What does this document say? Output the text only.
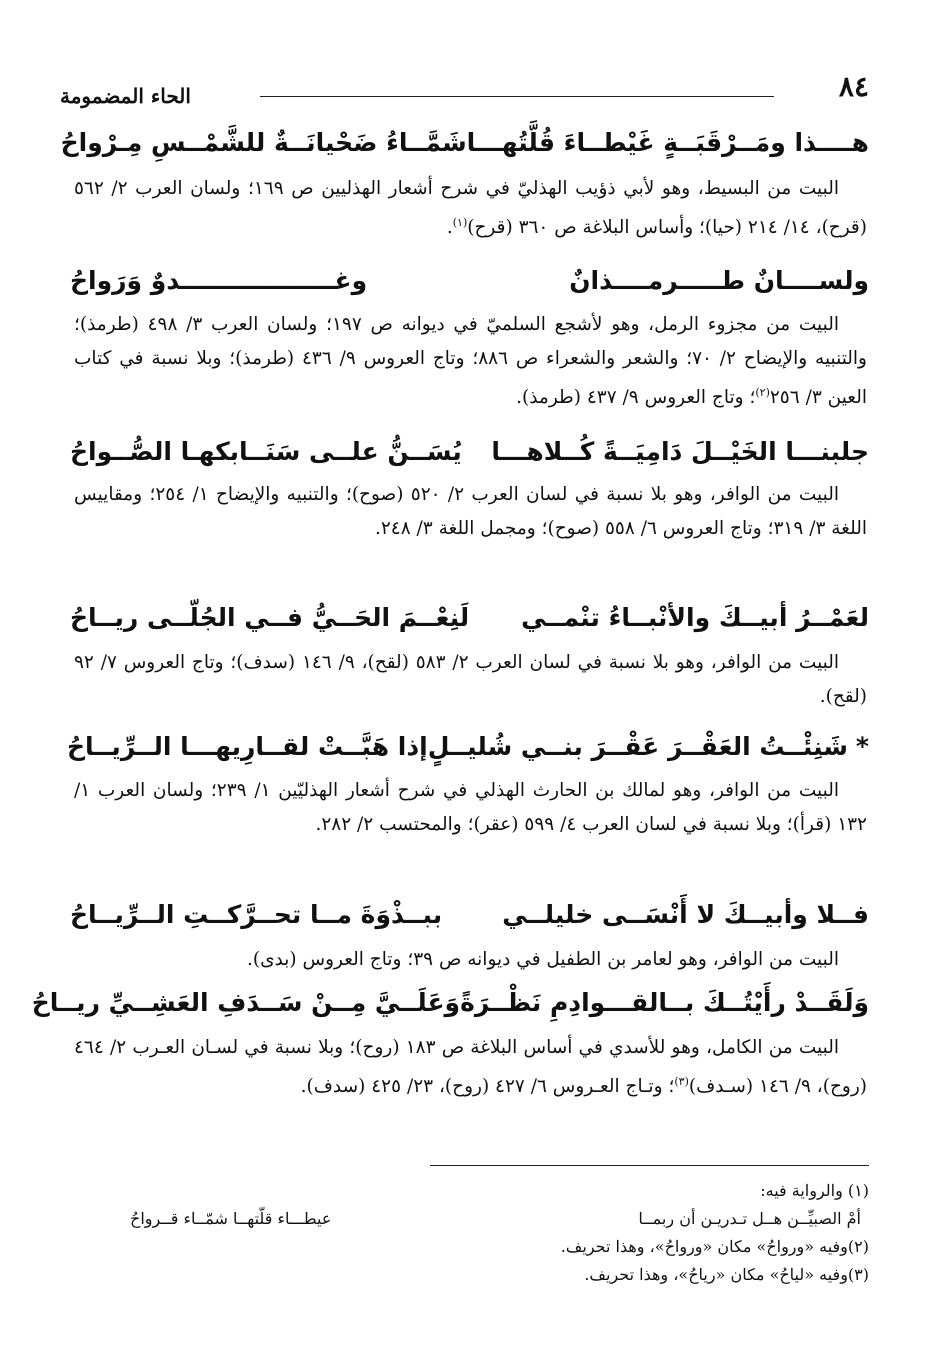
٨٤
الحاء المضمومة
هــــذا ومَــرْقَبَــةٍ غَيْطــاءَ قُلَّتُهـــا
شَمَّــاءُ ضَحْيانَــةٌ للشَّمْــسِ مِـرْواحُ

البيت من البسيط، وهو لأبي ذؤيب الهذليّ في شرح أشعار الهذليين ص ١٦٩؛ ولسان العرب ٢/ ٥٦٢ (قرح)، ١٤/ ٢١٤ (حيا)؛ وأساس البلاغة ص ٣٦٠ (قرح)$^{(١)}$.

ولســــانٌ طـــــرمــــذانٌ
وغــــــــــــــــــدوٌ وَرَواحُ

البيت من مجزوء الرمل، وهو لأشجع السلميّ في ديوانه ص ١٩٧؛ ولسان العرب ٣/ ٤٩٨ (طرمذ)؛ والتنبيه والإيضاح ٢/ ٧٠؛ والشعر والشعراء ص ٨٨٦؛ وتاج العروس ٩/ ٤٣٦ (طرمذ)؛ وبلا نسبة في كتاب العين ٣/ ٢٥٦$^{(٢)}$؛ وتاج العروس ٩/ ٤٣٧ (طرمذ).

جلبنـــا الخَيْــلَ دَامِيَــةً كُــلاهـــا
يُسَــنُّ علــى سَنَــابكهـا الصُّــواحُ

البيت من الوافر، وهو بلا نسبة في لسان العرب ٢/ ٥٢٠ (صوح)؛ والتنبيه والإيضاح ١/ ٢٥٤؛ ومقاييس اللغة ٣/ ٣١٩؛ وتاج العروس ٦/ ٥٥٨ (صوح)؛ ومجمل اللغة ٣/ ٢٤٨.

لعَمْــرُ أبيــكَ والأنْبــاءُ تنْمــي
لَنِعْــمَ الحَــيُّ فــي الجُلّــى ريــاحُ

البيت من الوافر، وهو بلا نسبة في لسان العرب ٢/ ٥٨٣ (لقح)، ٩/ ١٤٦ (سدف)؛ وتاج العروس ٧/ ٩٢ (لقح).

*شَنِئْــتُ العَقْــرَ عَقْــرَ بنــي شُليــلٍ
إذا هَبَّــتْ لقــارِيهـــا الــرِّيــاحُ

البيت من الوافر، وهو لمالك بن الحارث الهذلي في شرح أشعار الهذليّين ١/ ٢٣٩؛ ولسان العرب ١/ ١٣٢ (قرأ)؛ وبلا نسبة في لسان العرب ٤/ ٥٩٩ (عقر)؛ والمحتسب ٢/ ٢٨٢.

فــلا وأبيــكَ لا أَنْسَــى خليلــي
ببــذْوَةَ مــا تحــرَّكــتِ الــرِّيــاحُ

البيت من الوافر، وهو لعامر بن الطفيل في ديوانه ص ٣٩؛ وتاج العروس (بدى).

وَلَقَــدْ رأَيْتُــكَ بــالقـــوادِمِ نَظْــرَةً
وَعَلَــيَّ مِــنْ سَــدَفِ العَشِــيِّ ريــاحُ

البيت من الكامل، وهو للأسدي في أساس البلاغة ص ١٨٣ (روح)؛ وبلا نسبة في لسـان العـرب ٢/ ٤٦٤ (روح)، ٩/ ١٤٦ (سـدف)$^{(٣)}$؛ وتـاج العـروس ٦/ ٤٢٧ (روح)، ٢٣/ ٤٢٥ (سدف).

(١) والرواية فيه:

أمْ الصبيِّــن هــل تـدريـن أن ربمــا
عيطـــاء قلّتهــا شمّــاء قــرواحُ

(٢)وفيه «ورواحُ» مكان «ورواحُ»، وهذا تحريف.

(٣)وفيه «لياحُ» مكان «رياحُ»، وهذا تحريف.
